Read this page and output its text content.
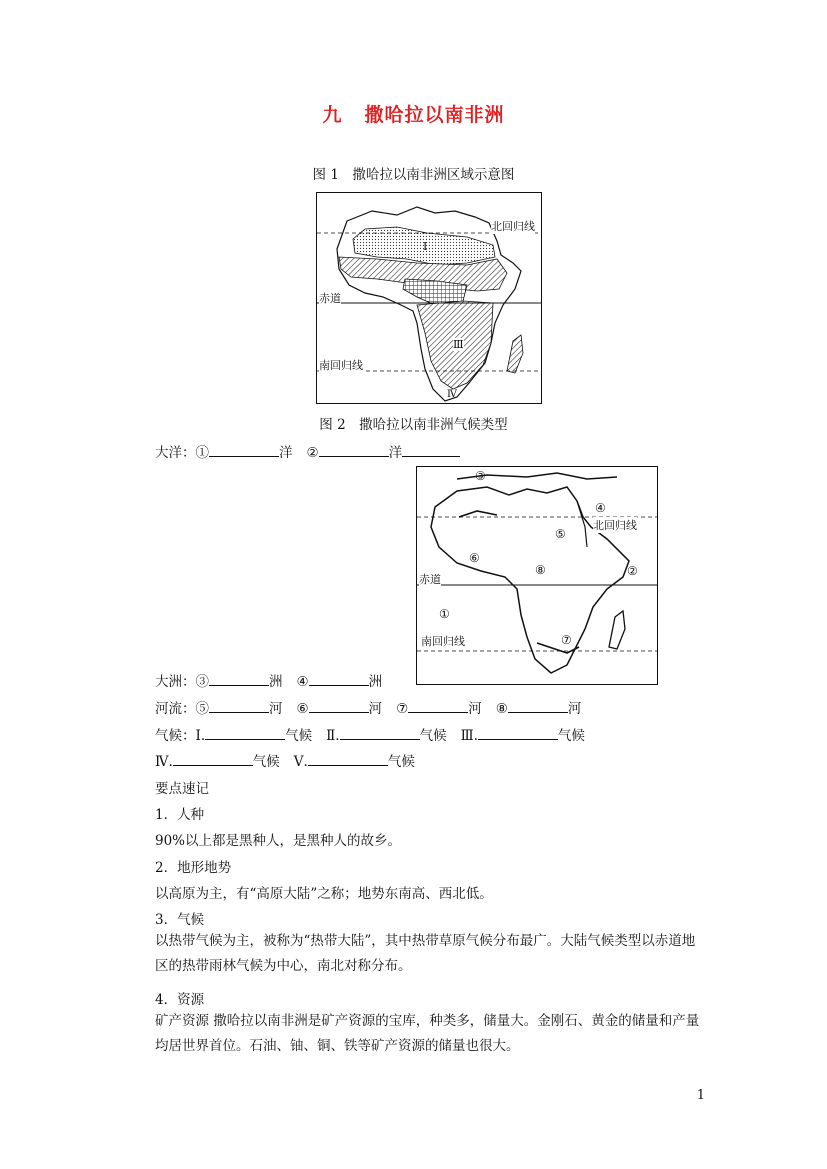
九 撒哈拉以南非洲
图 1　撒哈拉以南非洲区域示意图
北回归线
赤道
南回归线
Ⅰ
Ⅲ
Ⅳ
图 2　撒哈拉以南非洲气候类型
大洋：①	洋 ②	洋
③
④
北回归线
⑤
⑥
⑧	②
赤道
①
⑦
南回归线
大洲：③	洲 ④	洲
河流：⑤	河 ⑥	河 ⑦	河 ⑧	河
气候：Ⅰ.	气候 Ⅱ.	气候 Ⅲ.	气候
Ⅳ.	气候 Ⅴ.	气候
要点速记
1．人种
90%以上都是黑种人，是黑种人的故乡。
2．地形地势
以高原为主，有“高原大陆”之称；地势东南高、西北低。
3．气候
以热带气候为主，被称为“热带大陆”，其中热带草原气候分布最广。大陆气候类型以赤道地区的热带雨林气候为中心，南北对称分布。
4．资源
矿产资源 撒哈拉以南非洲是矿产资源的宝库，种类多，储量大。金刚石、黄金的储量和产量均居世界首位。石油、铀、铜、铁等矿产资源的储量也很大。
1
